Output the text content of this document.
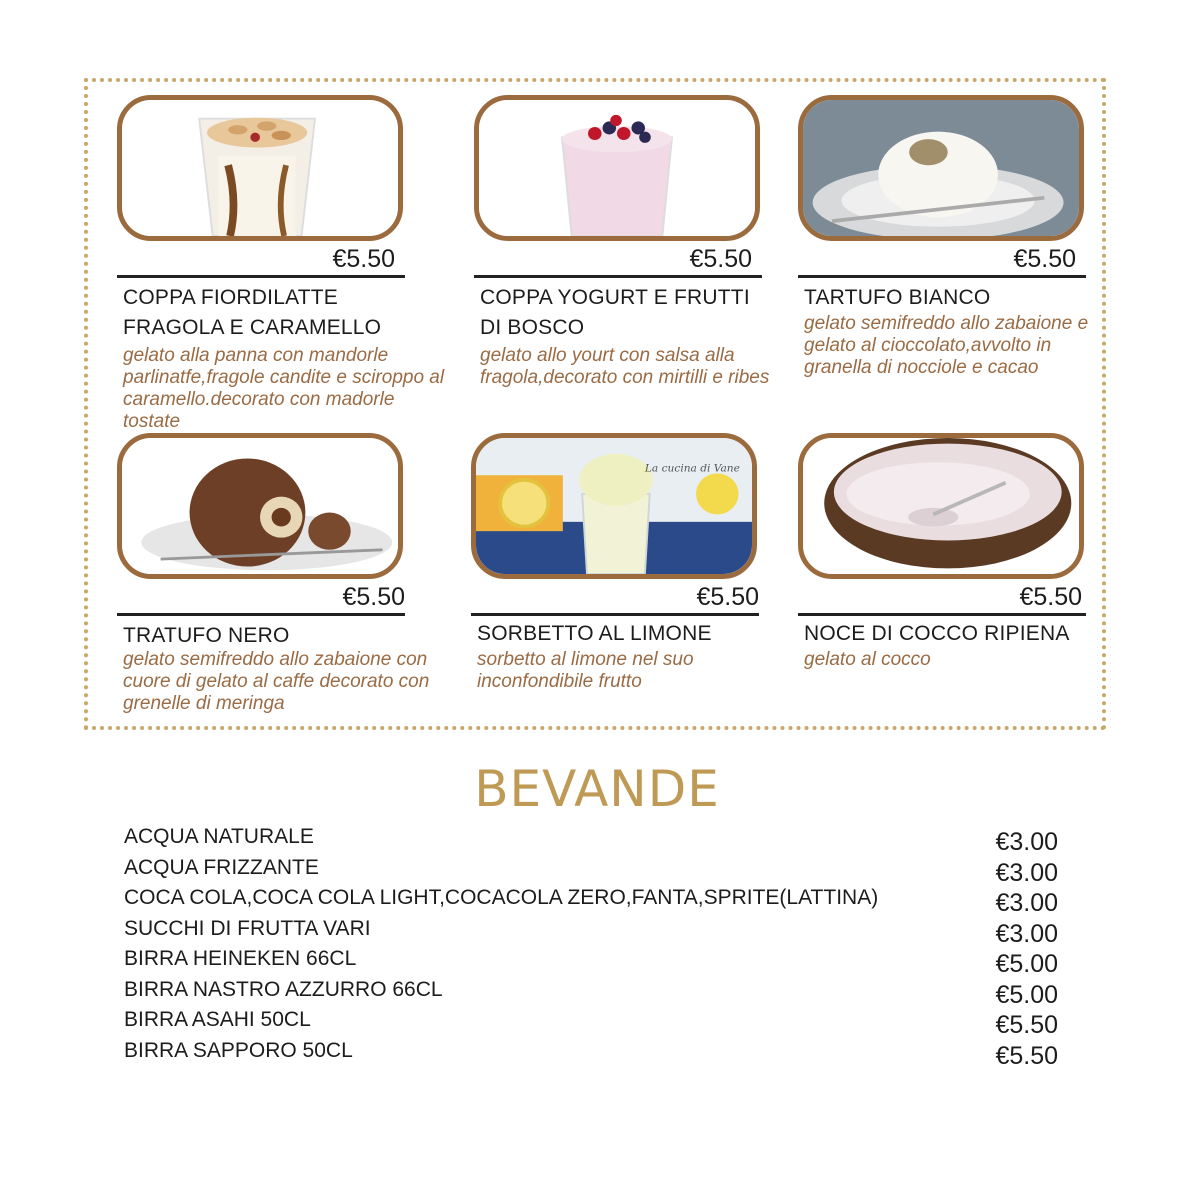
€5.50
COPPA FIORDILATTE FRAGOLA E CARAMELLO
gelato alla panna con mandorle parlinatfe,fragole candite e sciroppo al caramello.decorato con madorle tostate
€5.50
COPPA YOGURT E FRUTTI DI BOSCO
gelato allo yourt con salsa alla fragola,decorato con mirtilli e ribes
€5.50
TARTUFO BIANCO
gelato semifreddo allo zabaione e gelato al cioccolato,avvolto in granella di nocciole e cacao
€5.50
TRATUFO NERO
gelato semifreddo allo zabaione con cuore di gelato al caffe decorato con grenelle di meringa
La cucina di Vane
€5.50
SORBETTO AL LIMONE
sorbetto al limone nel suo inconfondibile frutto
€5.50
NOCE DI COCCO RIPIENA
gelato al cocco
BEVANDE
ACQUA NATURALE	€3.00
ACQUA FRIZZANTE	€3.00
COCA COLA,COCA COLA LIGHT,COCACOLA ZERO,FANTA,SPRITE(LATTINA)	€3.00
SUCCHI DI FRUTTA VARI	€3.00
BIRRA HEINEKEN 66CL	€5.00
BIRRA NASTRO AZZURRO 66CL	€5.00
BIRRA ASAHI 50CL	€5.50
BIRRA SAPPORO 50CL	€5.50
